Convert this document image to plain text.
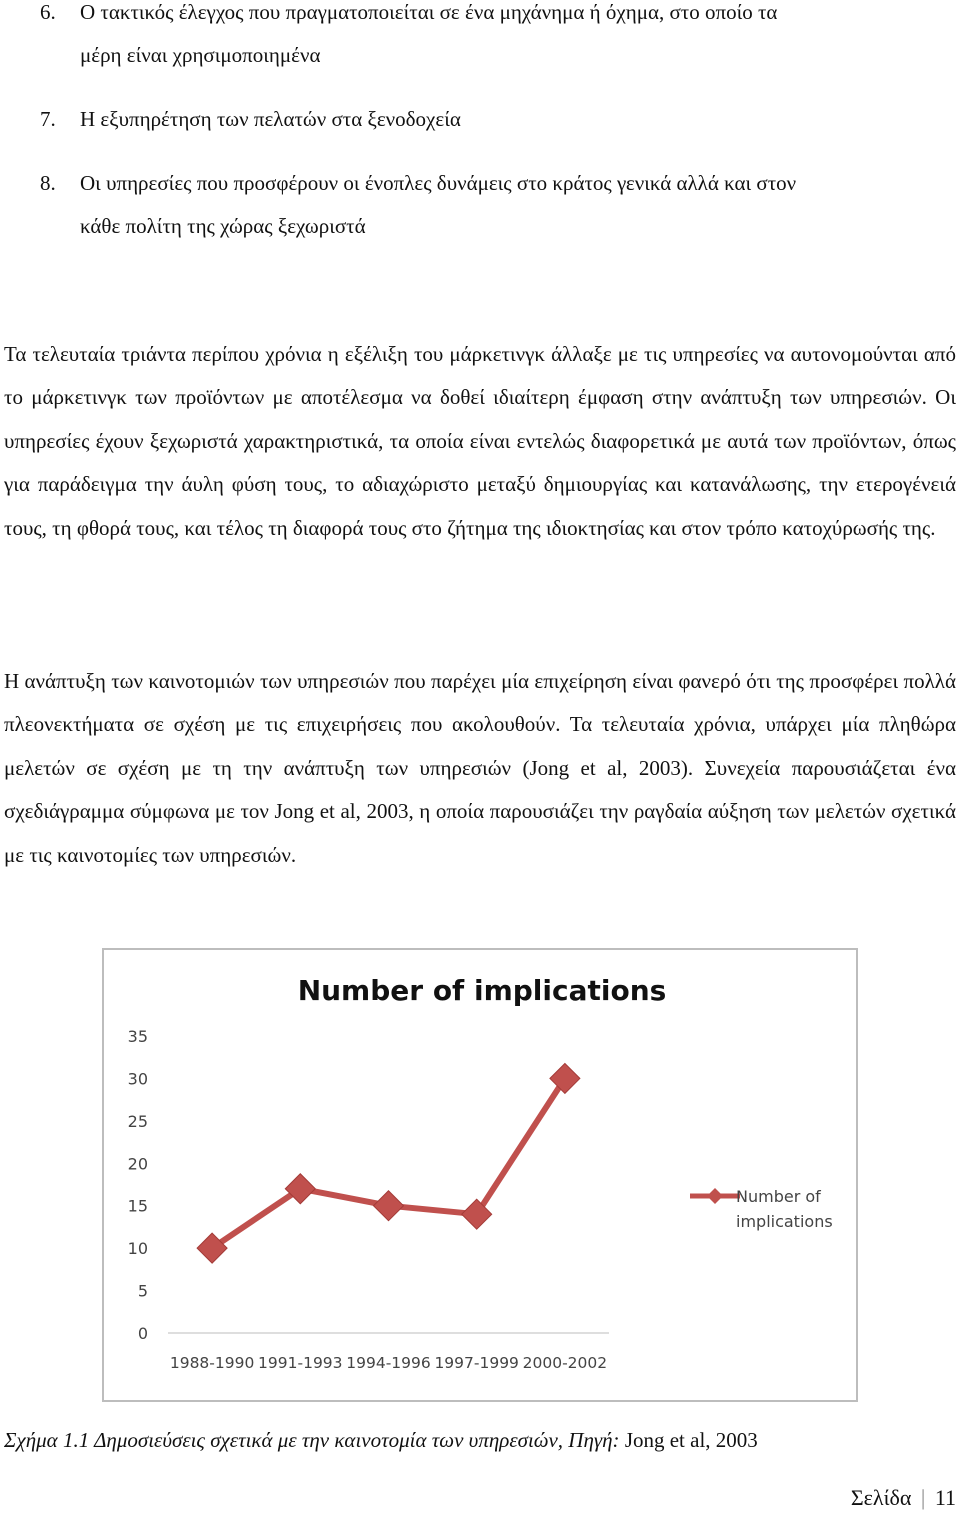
6. Ο τακτικός έλεγχος που πραγματοποιείται σε ένα μηχάνημα ή όχημα, στο οποίο τα
μέρη είναι χρησιμοποιημένα
7. Η εξυπηρέτηση των πελατών στα ξενοδοχεία
8. Οι υπηρεσίες που προσφέρουν οι ένοπλες δυνάμεις στο κράτος γενικά αλλά και στον
κάθε πολίτη της χώρας ξεχωριστά

Τα τελευταία τριάντα περίπου χρόνια η εξέλιξη του μάρκετινγκ άλλαξε με τις υπηρεσίες να αυτονομούνται από το μάρκετινγκ των προϊόντων με αποτέλεσμα να δοθεί ιδιαίτερη έμφαση στην ανάπτυξη των υπηρεσιών. Οι υπηρεσίες έχουν ξεχωριστά χαρακτηριστικά, τα οποία είναι εντελώς διαφορετικά με αυτά των προϊόντων, όπως για παράδειγμα την άυλη φύση τους, το αδιαχώριστο μεταξύ δημιουργίας και κατανάλωσης, την ετερογένειά τους, τη φθορά τους, και τέλος τη διαφορά τους στο ζήτημα της ιδιοκτησίας και στον τρόπο κατοχύρωσής της.

Η ανάπτυξη των καινοτομιών των υπηρεσιών που παρέχει μία επιχείρηση είναι φανερό ότι της προσφέρει πολλά πλεονεκτήματα σε σχέση με τις επιχειρήσεις που ακολουθούν. Τα τελευταία χρόνια, υπάρχει μία πληθώρα μελετών σε σχέση με τη την ανάπτυξη των υπηρεσιών (Jong et al, 2003). Συνεχεία παρουσιάζεται ένα σχεδιάγραμμα σύμφωνα με τον Jong et al, 2003, η οποία παρουσιάζει την ραγδαία αύξηση των μελετών σχετικά με τις καινοτομίες των υπηρεσιών.

Number of implications
0
5
10
15
20
25
30
35
1988-1990 1991-1993 1994-1996 1997-1999 2000-2002
Number of
implications
Σχήμα 1.1 Δημοσιεύσεις σχετικά με την καινοτομία των υπηρεσιών, Πηγή: Jong et al, 2003
Σελίδα | 11
